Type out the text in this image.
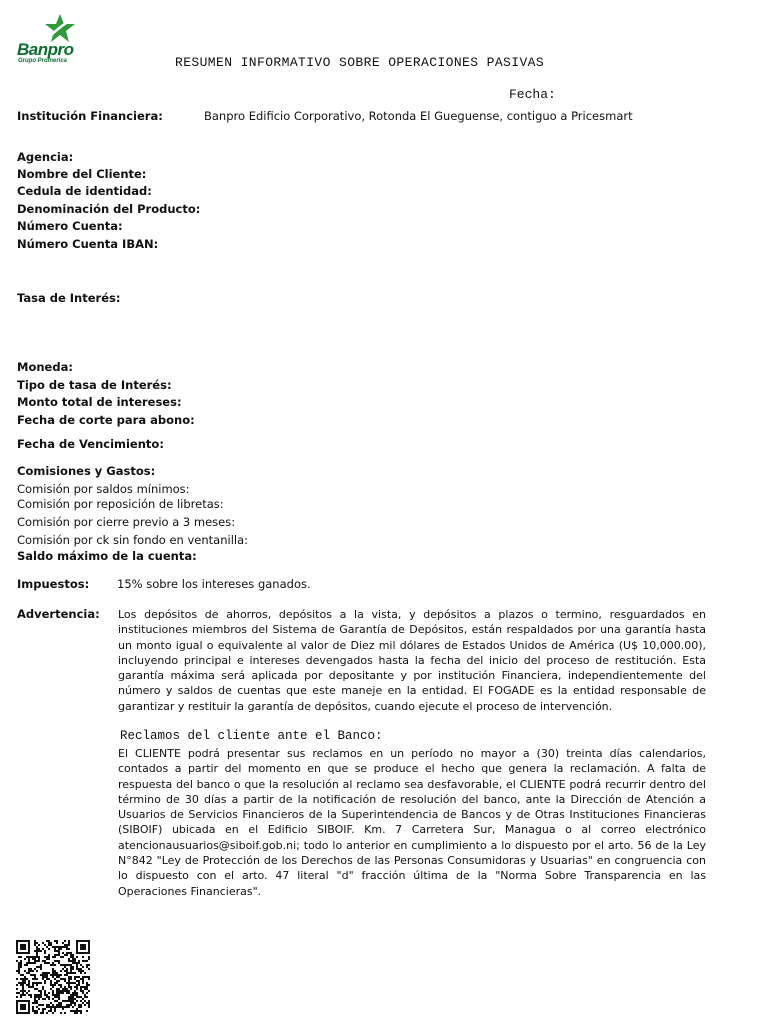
Banpro
Grupo Promerica	RESUMEN INFORMATIVO SOBRE OPERACIONES PASIVAS
Fecha:
Institución Financiera:	Banpro Edificio Corporativo, Rotonda El Gueguense, contiguo a Pricesmart
Agencia:
Nombre del Cliente:
Cedula de identidad:
Denominación del Producto:
Número Cuenta:
Número Cuenta IBAN:
Tasa de Interés:
Moneda:
Tipo de tasa de Interés:
Monto total de intereses:
Fecha de corte para abono:
Fecha de Vencimiento:
Comisiones y Gastos:
Comisión por saldos mínimos:
Comisión por reposición de libretas:
Comisión por cierre previo a 3 meses:
Comisión por ck sin fondo en ventanilla:
Saldo máximo de la cuenta:
Impuestos: 15% sobre los intereses ganados.
Advertencia: Los depósitos de ahorros, depósitos a la vista, y depósitos a plazos o termino, resguardados en instituciones miembros del Sistema de Garantía de Depósitos, están respaldados por una garantía hasta un monto igual o equivalente al valor de Diez mil dólares de Estados Unidos de América (U$ 10,000.00), incluyendo principal e intereses devengados hasta la fecha del inicio del proceso de restitución. Esta garantía máxima será aplicada por depositante y por institución Financiera, independientemente del número y saldos de cuentas que este maneje en la entidad. El FOGADE es la entidad responsable de garantizar y restituir la garantía de depósitos, cuando ejecute el proceso de intervención.

Reclamos del cliente ante el Banco:

El CLIENTE podrá presentar sus reclamos en un período no mayor a (30) treinta días calendarios, contados a partir del momento en que se produce el hecho que genera la reclamación. A falta de respuesta del banco o que la resolución al reclamo sea desfavorable, el CLIENTE podrá recurrir dentro del término de 30 días a partir de la notificación de resolución del banco, ante la Dirección de Atención a Usuarios de Servicios Financieros de la Superintendencia de Bancos y de Otras Instituciones Financieras (SIBOIF) ubicada en el Edificio SIBOIF. Km. 7 Carretera Sur, Managua o al correo electrónico atencionausuarios@siboif.gob.ni; todo lo anterior en cumplimiento a lo dispuesto por el arto. 56 de la Ley N°842 "Ley de Protección de los Derechos de las Personas Consumidoras y Usuarias" en congruencia con lo dispuesto con el arto. 47 literal "d" fracción última de la "Norma Sobre Transparencia en las Operaciones Financieras".
